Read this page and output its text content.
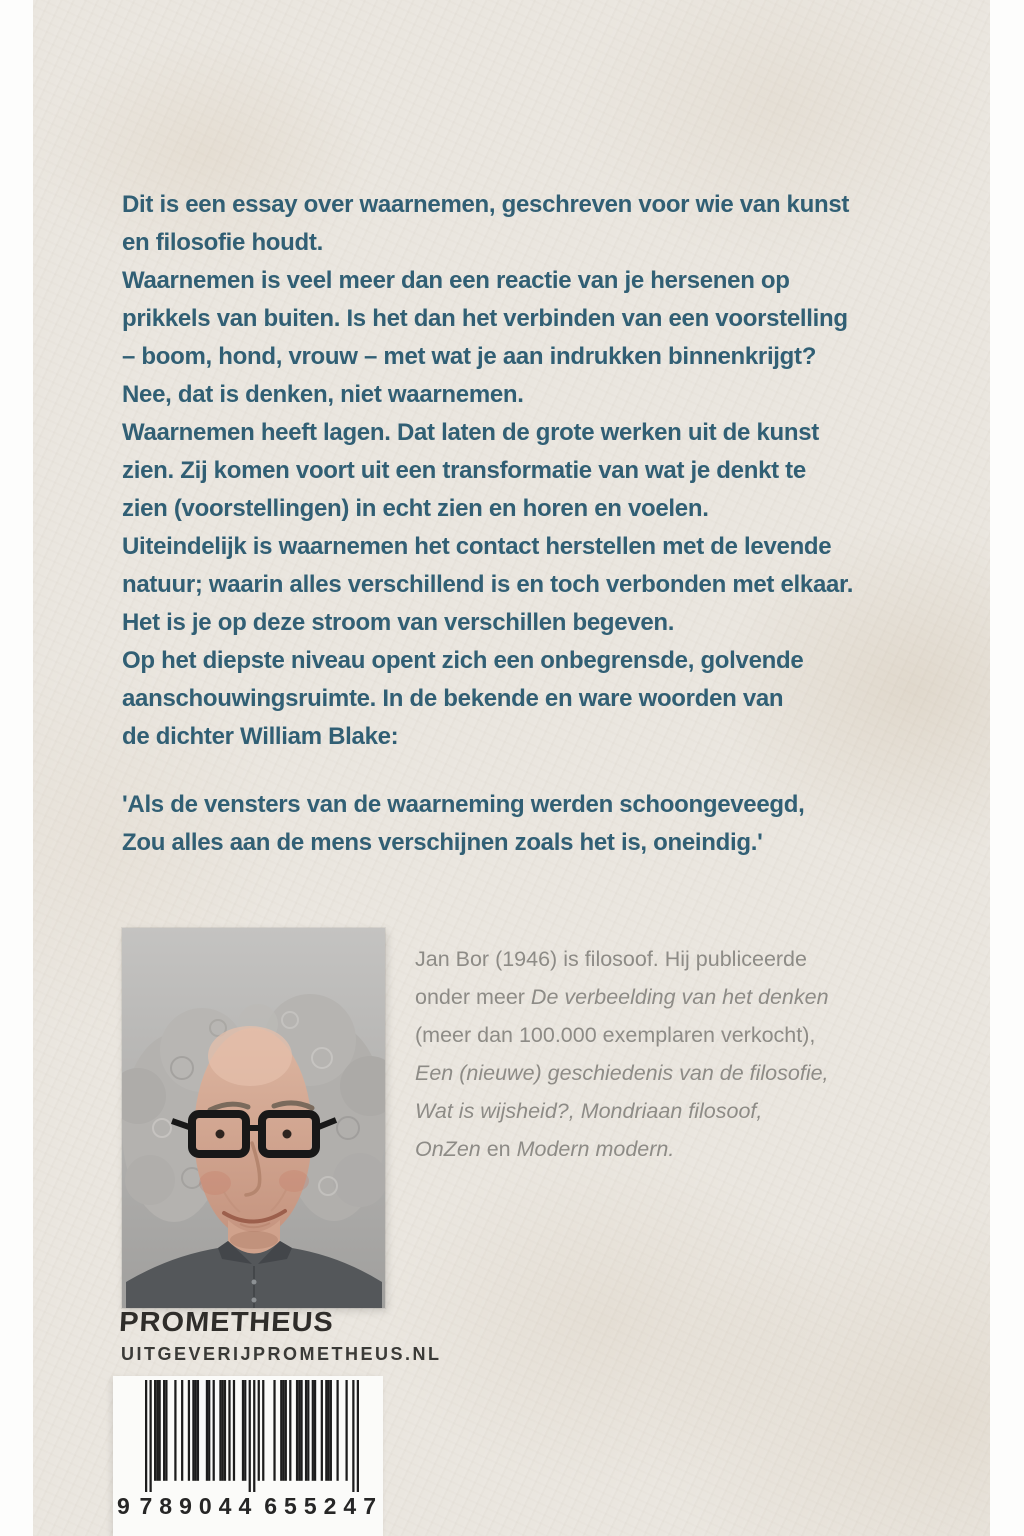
Dit is een essay over waarnemen, geschreven voor wie van kunst
en filosofie houdt.
Waarnemen is veel meer dan een reactie van je hersenen op
prikkels van buiten. Is het dan het verbinden van een voorstelling
– boom, hond, vrouw – met wat je aan indrukken binnenkrijgt?
Nee, dat is denken, niet waarnemen.
Waarnemen heeft lagen. Dat laten de grote werken uit de kunst
zien. Zij komen voort uit een transformatie van wat je denkt te
zien (voorstellingen) in echt zien en horen en voelen.
Uiteindelijk is waarnemen het contact herstellen met de levende
natuur; waarin alles verschillend is en toch verbonden met elkaar.
Het is je op deze stroom van verschillen begeven.
Op het diepste niveau opent zich een onbegrensde, golvende
aanschouwingsruimte. In de bekende en ware woorden van
de dichter William Blake:
'Als de vensters van de waarneming werden schoongeveegd,
Zou alles aan de mens verschijnen zoals het is, oneindig.'
Jan Bor (1946) is filosoof. Hij publiceerde
onder meer De verbeelding van het denken
(meer dan 100.000 exemplaren verkocht),
Een (nieuwe) geschiedenis van de filosofie,
Wat is wijsheid?, Mondriaan filosoof,
OnZen en Modern modern.
PROMETHEUS
UITGEVERIJPROMETHEUS.NL
9 789044 655247
